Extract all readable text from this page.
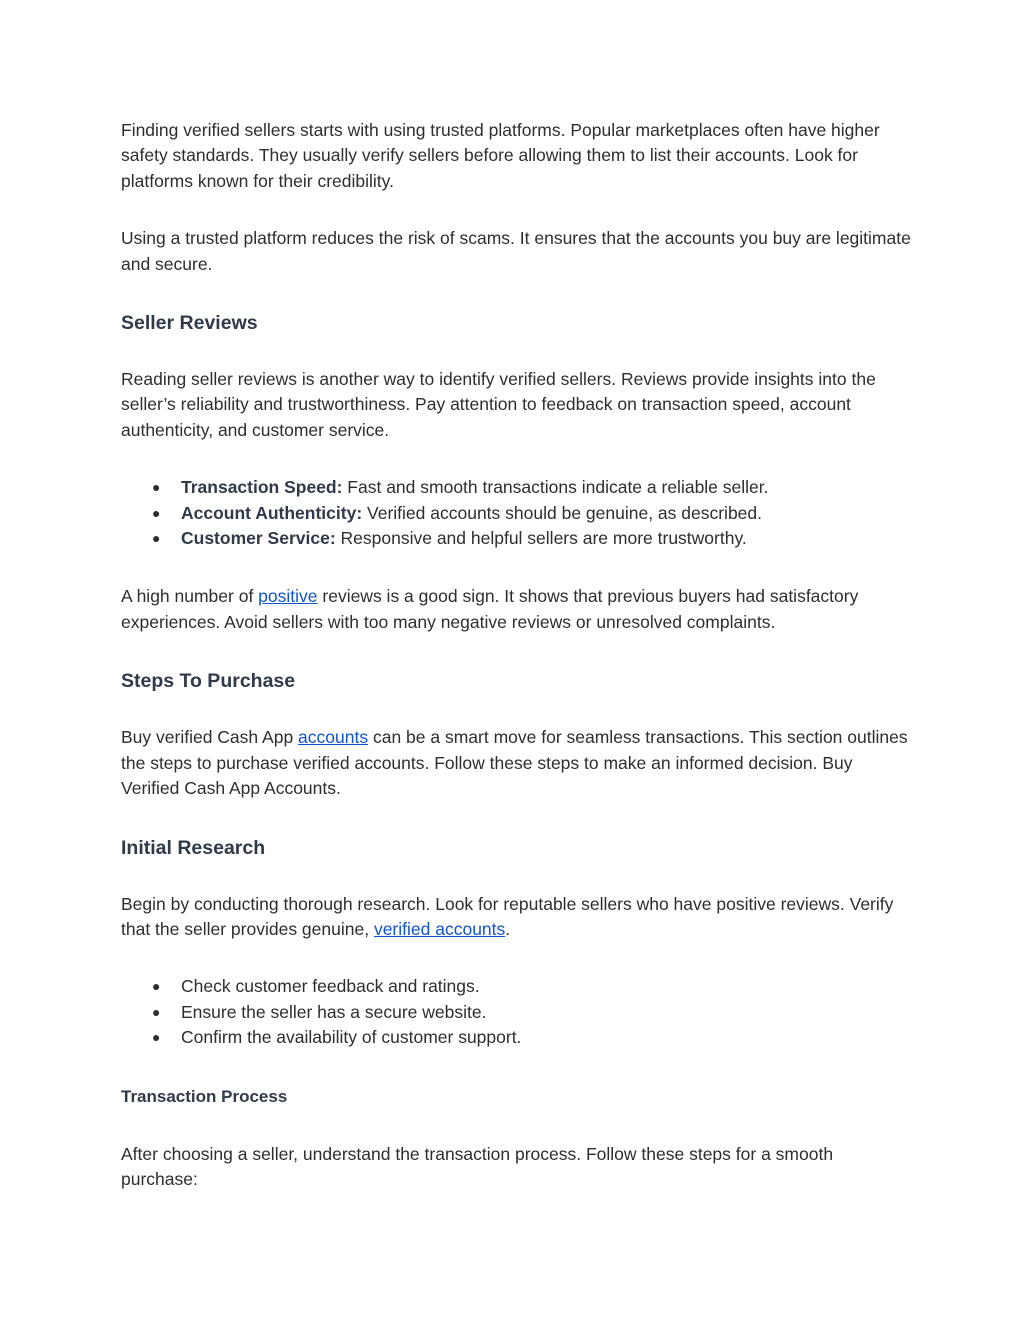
Finding verified sellers starts with using trusted platforms. Popular marketplaces often have higher safety standards. They usually verify sellers before allowing them to list their accounts. Look for platforms known for their credibility.

Using a trusted platform reduces the risk of scams. It ensures that the accounts you buy are legitimate and secure.

Seller Reviews

Reading seller reviews is another way to identify verified sellers. Reviews provide insights into the seller’s reliability and trustworthiness. Pay attention to feedback on transaction speed, account authenticity, and customer service.

● Transaction Speed: Fast and smooth transactions indicate a reliable seller.
● Account Authenticity: Verified accounts should be genuine, as described.
● Customer Service: Responsive and helpful sellers are more trustworthy.

A high number of positive reviews is a good sign. It shows that previous buyers had satisfactory experiences. Avoid sellers with too many negative reviews or unresolved complaints.

Steps To Purchase

Buy verified Cash App accounts can be a smart move for seamless transactions. This section outlines the steps to purchase verified accounts. Follow these steps to make an informed decision. Buy Verified Cash App Accounts.

Initial Research

Begin by conducting thorough research. Look for reputable sellers who have positive reviews. Verify that the seller provides genuine, verified accounts.

● Check customer feedback and ratings.
● Ensure the seller has a secure website.
● Confirm the availability of customer support.
Transaction Process

After choosing a seller, understand the transaction process. Follow these steps for a smooth purchase:
